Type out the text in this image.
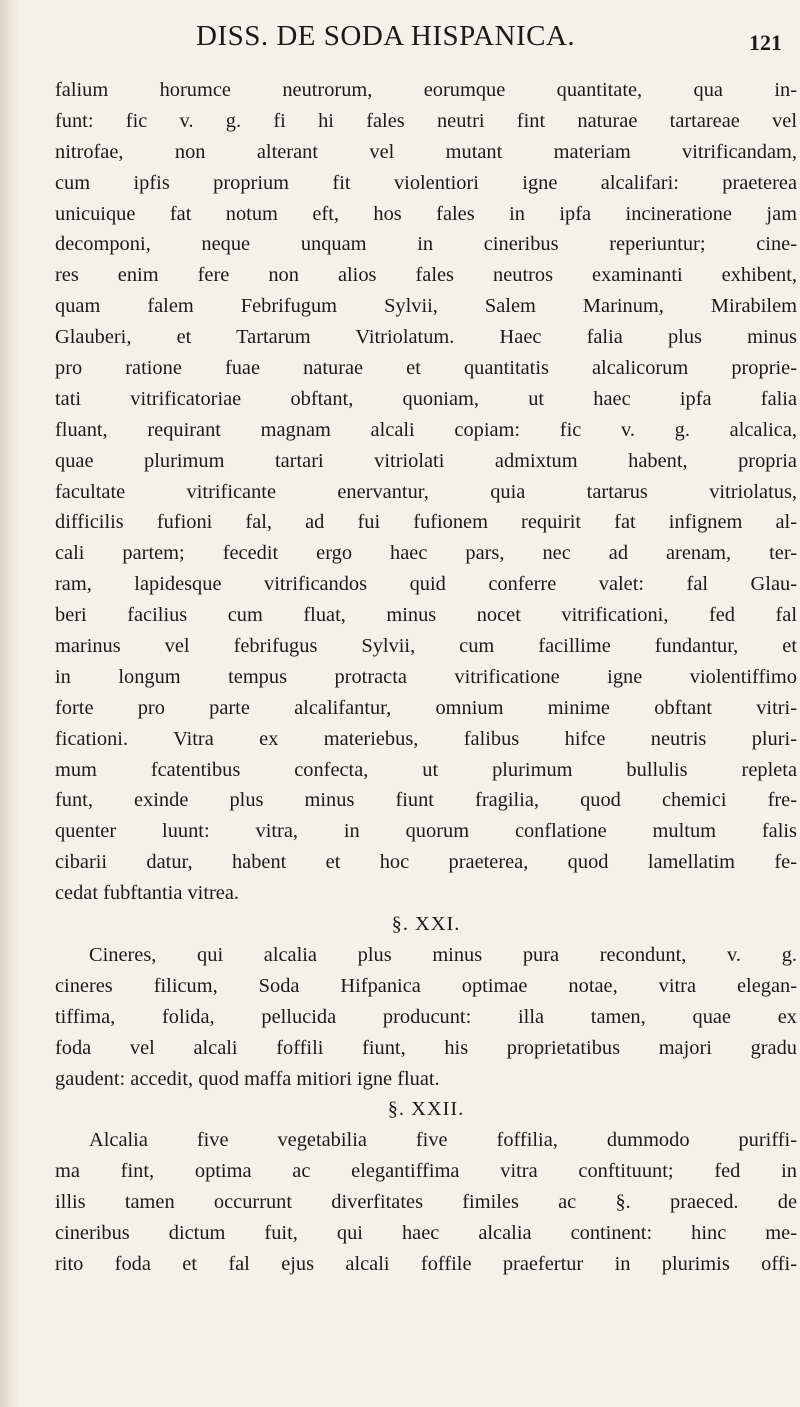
DISS. DE SODA HISPANICA.	121
falium horumce neutrorum, eorumque quantitate, qua in-
funt: fic v. g. fi hi fales neutri fint naturae tartareae vel
nitrofae, non alterant vel mutant materiam vitrificandam,
cum ipfis proprium fit violentiori igne alcalifari: praeterea
unicuique fat notum eft, hos fales in ipfa incineratione jam
decomponi, neque unquam in cineribus reperiuntur; cine-
res enim fere non alios fales neutros examinanti exhibent,
quam falem Febrifugum Sylvii, Salem Marinum, Mirabilem
Glauberi, et Tartarum Vitriolatum. Haec falia plus minus
pro ratione fuae naturae et quantitatis alcalicorum proprie-
tati vitrificatoriae obftant, quoniam, ut haec ipfa falia
fluant, requirant magnam alcali copiam: fic v. g. alcalica,
quae plurimum tartari vitriolati admixtum habent, propria
facultate vitrificante enervantur, quia tartarus vitriolatus,
difficilis fufioni fal, ad fui fufionem requirit fat infignem al-
cali partem; fecedit ergo haec pars, nec ad arenam, ter-
ram, lapidesque vitrificandos quid conferre valet: fal Glau-
beri facilius cum fluat, minus nocet vitrificationi, fed fal
marinus vel febrifugus Sylvii, cum facillime fundantur, et
in longum tempus protracta vitrificatione igne violentiffimo
forte pro parte alcalifantur, omnium minime obftant vitri-
ficationi. Vitra ex materiebus, falibus hifce neutris pluri-
mum fcatentibus confecta, ut plurimum bullulis repleta
funt, exinde plus minus fiunt fragilia, quod chemici fre-
quenter luunt: vitra, in quorum conflatione multum falis
cibarii datur, habent et hoc praeterea, quod lamellatim fe-
cedat fubftantia vitrea.
§. XXI.
Cineres, qui alcalia plus minus pura recondunt, v. g.
cineres filicum, Soda Hifpanica optimae notae, vitra elegan-
tiffima, folida, pellucida producunt: illa tamen, quae ex
foda vel alcali foffili fiunt, his proprietatibus majori gradu
gaudent: accedit, quod maffa mitiori igne fluat.
§. XXII.
Alcalia five vegetabilia five foffilia, dummodo puriffi-
ma fint, optima ac elegantiffima vitra conftituunt; fed in
illis tamen occurrunt diverfitates fimiles ac §. praeced. de
cineribus dictum fuit, qui haec alcalia continent: hinc me-
rito foda et fal ejus alcali foffile praefertur in plurimis offi-
